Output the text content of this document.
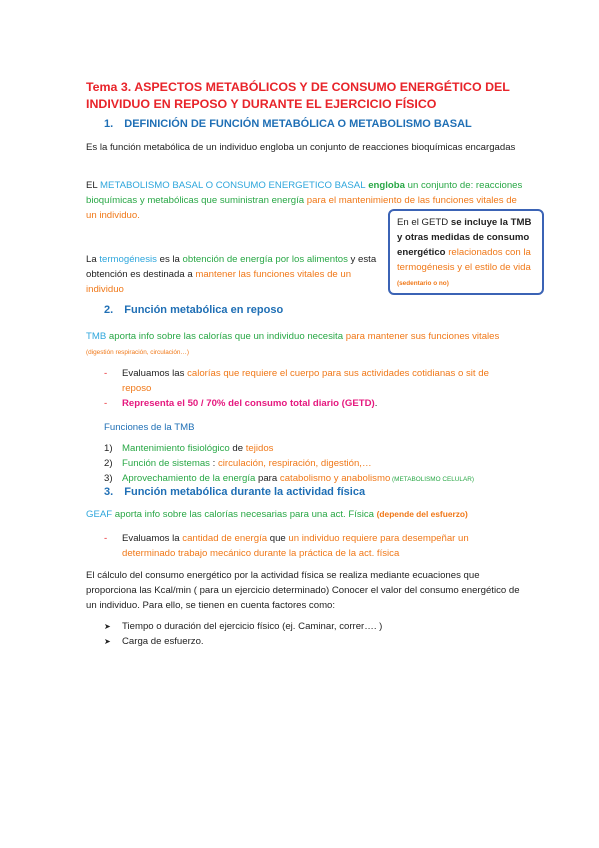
Tema 3. ASPECTOS METABÓLICOS Y DE CONSUMO ENERGÉTICO DEL INDIVIDUO EN REPOSO Y DURANTE EL EJERCICIO FÍSICO
1. DEFINICIÓN DE FUNCIÓN METABÓLICA O METABOLISMO BASAL
Es la función metabólica de un individuo engloba un conjunto de reacciones bioquímicas encargadas
EL METABOLISMO BASAL O CONSUMO ENERGETICO BASAL engloba un conjunto de: reacciones bioquímicas y metabólicas que suministran energía para el mantenimiento de las funciones vitales de un individuo.
La termogénesis es la obtención de energía por los alimentos y esta obtención es destinada a mantener las funciones vitales de un individuo
En el GETD se incluye la TMB y otras medidas de consumo energético relacionados con la termogénesis y el estilo de vida (sedentario o no)
2. Función metabólica en reposo
TMB aporta info sobre las calorías que un individuo necesita para mantener sus funciones vitales (digestión respiración, circulación…)
- Evaluamos las calorías que requiere el cuerpo para sus actividades cotidianas o sit de reposo
- Representa el 50 / 70% del consumo total diario (GETD).
Funciones de la TMB
1) Mantenimiento fisiológico de tejidos
2) Función de sistemas : circulación, respiración, digestión,…
3) Aprovechamiento de la energía para catabolismo y anabolismo (METABOLISMO CELULAR)
3. Función metabólica durante la actividad física
GEAF aporta info sobre las calorías necesarias para una act. Física (depende del esfuerzo)
- Evaluamos la cantidad de energía que un individuo requiere para desempeñar un determinado trabajo mecánico durante la práctica de la act. física
El cálculo del consumo energético por la actividad física se realiza mediante ecuaciones que proporciona las Kcal/min ( para un ejercicio determinado) Conocer el valor del consumo energético de un individuo. Para ello, se tienen en cuenta factores como:
➤ Tiempo o duración del ejercicio físico (ej. Caminar, correr…. )
➤ Carga de esfuerzo.
